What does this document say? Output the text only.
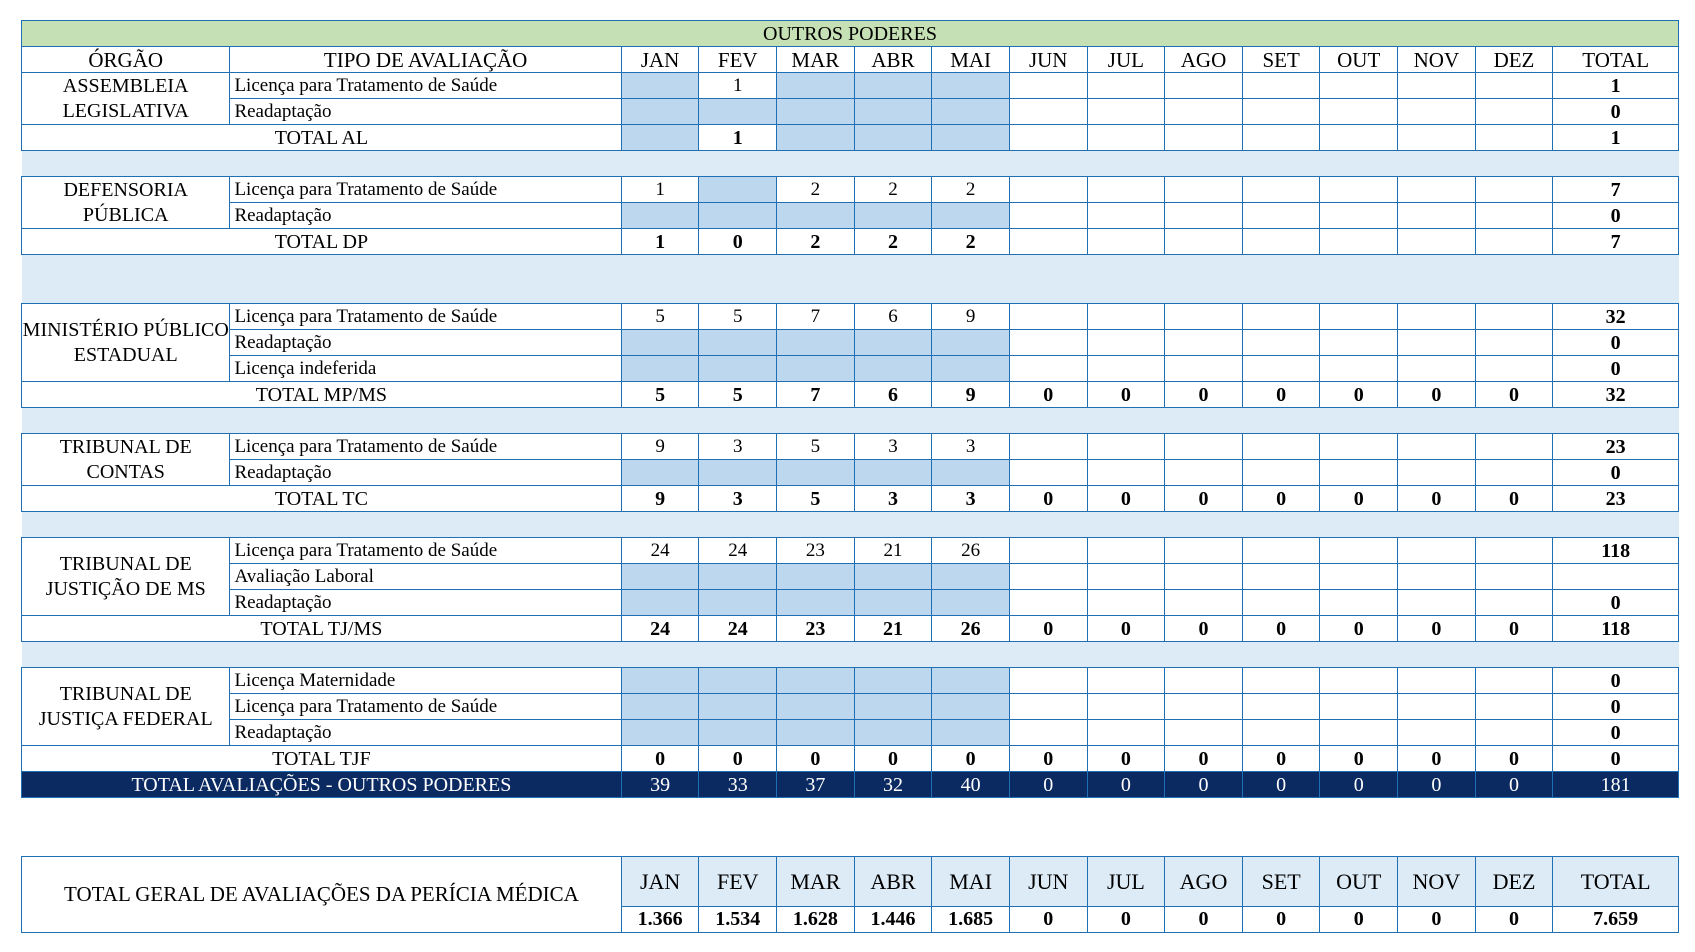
OUTROS PODERES														
ÓRGÃO	TIPO DE AVALIAÇÃO	JAN	FEV	MAR	ABR	MAI	JUN	JUL	AGO	SET	OUT	NOV	DEZ	TOTAL
ASSEMBLEIA LEGISLATIVA	Licença para Tratamento de Saúde		1											1
	Readaptação													0
TOTAL AL			1											1

DEFENSORIA PÚBLICA	Licença para Tratamento de Saúde	1		2	2	2								7
	Readaptação													0
TOTAL DP		1	0	2	2	2								7

MINISTÉRIO PÚBLICO ESTADUAL	Licença para Tratamento de Saúde	5	5	7	6	9								32
	Readaptação													0
	Licença indeferida													0
TOTAL MP/MS		5	5	7	6	9	0	0	0	0	0	0	0	32

TRIBUNAL DE CONTAS	Licença para Tratamento de Saúde	9	3	5	3	3								23
	Readaptação													0
TOTAL TC		9	3	5	3	3	0	0	0	0	0	0	0	23

TRIBUNAL DE JUSTIÇÃO DE MS	Licença para Tratamento de Saúde	24	24	23	21	26								118
	Avaliação Laboral													
	Readaptação													0
TOTAL TJ/MS		24	24	23	21	26	0	0	0	0	0	0	0	118

TRIBUNAL DE JUSTIÇA FEDERAL	Licença Maternidade													0
	Licença para Tratamento de Saúde													0
	Readaptação													0
TOTAL TJF		0	0	0	0	0	0	0	0	0	0	0	0	0
TOTAL AVALIAÇÕES - OUTROS PODERES		39	33	37	32	40	0	0	0	0	0	0	0	181
TOTAL GERAL DE AVALIAÇÕES DA PERÍCIA MÉDICA	JAN	FEV	MAR	ABR	MAI	JUN	JUL	AGO	SET	OUT	NOV	DEZ	TOTAL
	1.366	1.534	1.628	1.446	1.685	0	0	0	0	0	0	0	7.659
